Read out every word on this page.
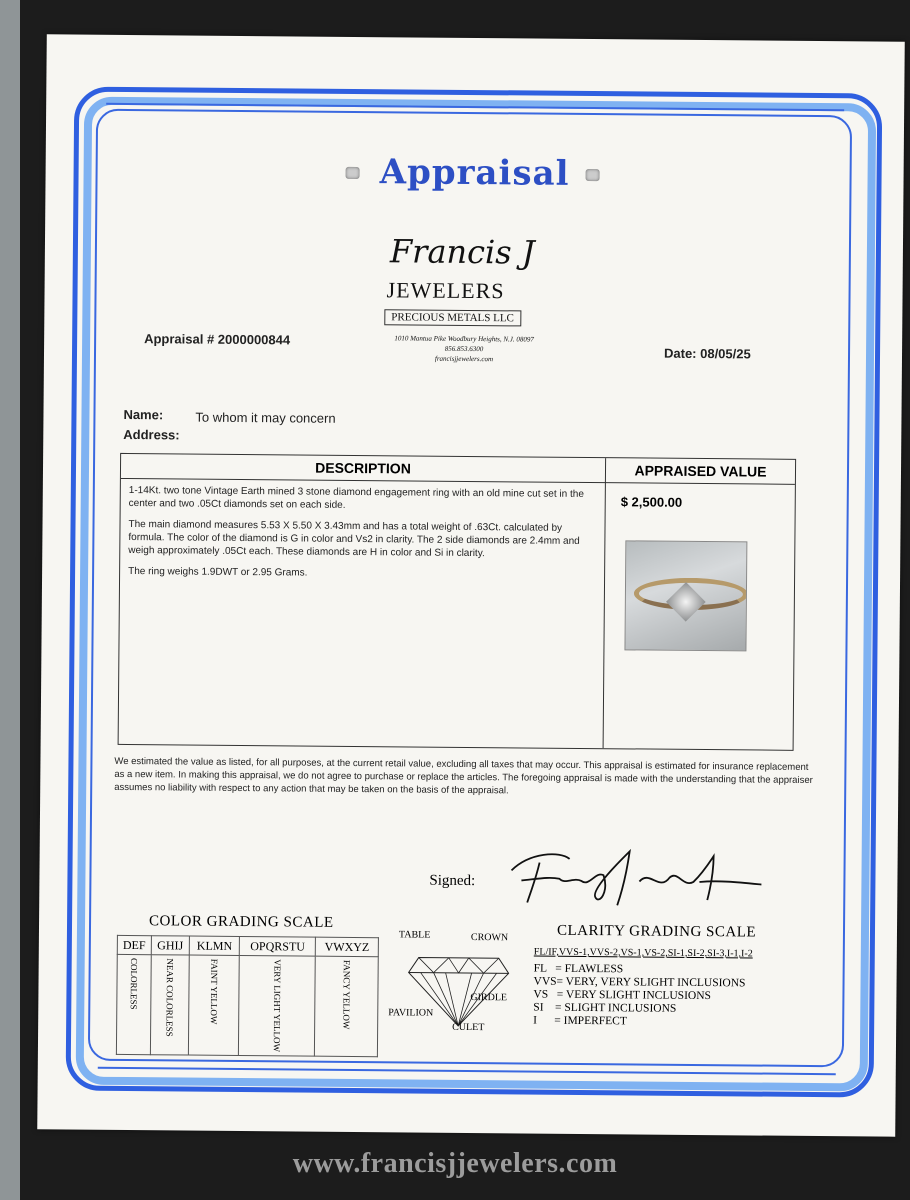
Appraisal
Francis J
JEWELERS
PRECIOUS METALS LLC
1010 Mantua Pike Woodbury Heights, N.J. 08097
856.853.6300
francisjjewelers.com
Appraisal # 2000000844
Date: 08/05/25
Name: To whom it may concern
Address:
DESCRIPTION	APPRAISED VALUE

1-14Kt. two tone Vintage Earth mined 3 stone diamond engagement ring with an old mine cut set in the center and two .05Ct diamonds set on each side.

The main diamond measures 5.53 X 5.50 X 3.43mm and has a total weight of .63Ct. calculated by formula. The color of the diamond is G in color and Vs2 in clarity. The 2 side diamonds are 2.4mm and weigh approximately .05Ct each. These diamonds are H in color and Si in clarity.

The ring weighs 1.9DWT or 2.95 Grams.

$ 2,500.00
We estimated the value as listed, for all purposes, at the current retail value, excluding all taxes that may occur. This appraisal is estimated for insurance replacement as a new item. In making this appraisal, we do not agree to purchase or replace the articles. The foregoing appraisal is made with the understanding that the appraiser assumes no liability with respect to any action that may be taken on the basis of the appraisal.
Signed:
COLOR GRADING SCALE
DEF	GHIJ	KLMN	OPQRSTU	VWXYZ

COLORLESS	NEAR COLORLESS	FAINT YELLOW	VERY LIGHT YELLOW	FANCY YELLOW
TABLE	CROWN
GIRDLE
PAVILION
CULET
CLARITY GRADING SCALE
FL/IF,VVS-1,VVS-2,VS-1,VS-2,SI-1,SI-2,SI-3,I-1,I-2
FL   = FLAWLESS
VVS= VERY, VERY SLIGHT INCLUSIONS
VS   = VERY SLIGHT INCLUSIONS
SI    = SLIGHT INCLUSIONS
I      = IMPERFECT
www.francisjjewelers.com
